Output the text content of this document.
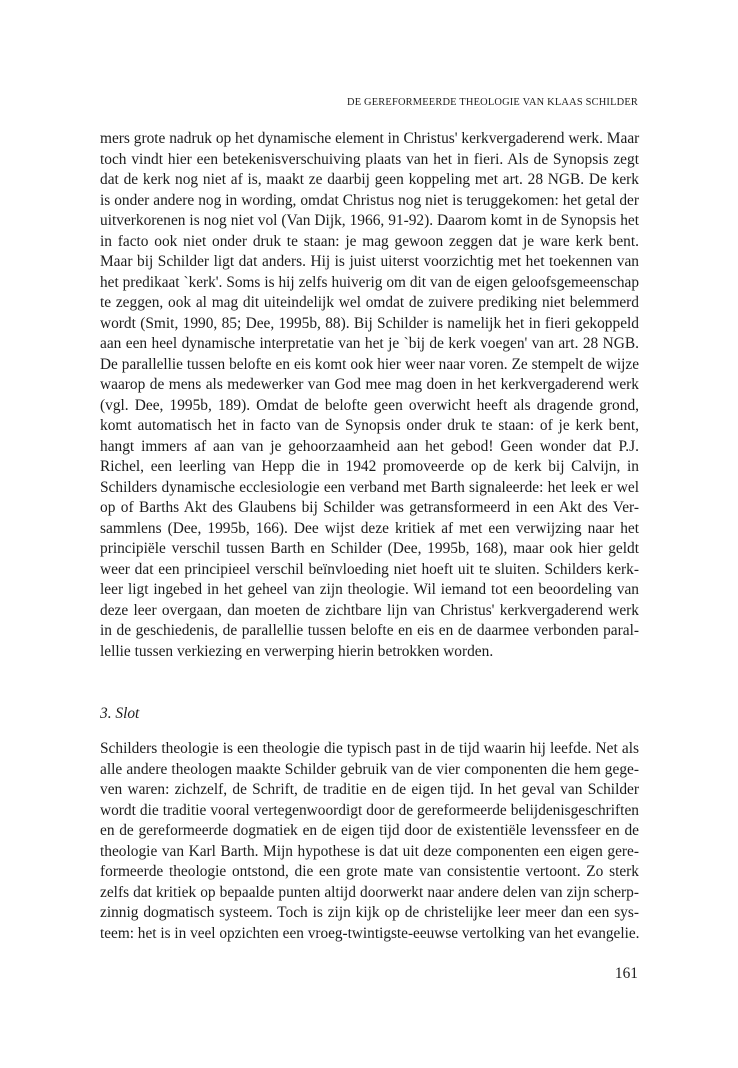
DE GEREFORMEERDE THEOLOGIE VAN KLAAS SCHILDER
mers grote nadruk op het dynamische element in Christus' kerkvergaderend werk. Maar
toch vindt hier een betekenisverschuiving plaats van het in fieri. Als de Synopsis zegt
dat de kerk nog niet af is, maakt ze daarbij geen koppeling met art. 28 NGB. De kerk
is onder andere nog in wording, omdat Christus nog niet is teruggekomen: het getal der
uitverkorenen is nog niet vol (Van Dijk, 1966, 91-92). Daarom komt in de Synopsis het
in facto ook niet onder druk te staan: je mag gewoon zeggen dat je ware kerk bent.
Maar bij Schilder ligt dat anders. Hij is juist uiterst voorzichtig met het toekennen van
het predikaat `kerk'. Soms is hij zelfs huiverig om dit van de eigen geloofsgemeenschap
te zeggen, ook al mag dit uiteindelijk wel omdat de zuivere prediking niet belemmerd
wordt (Smit, 1990, 85; Dee, 1995b, 88). Bij Schilder is namelijk het in fieri gekoppeld
aan een heel dynamische interpretatie van het je `bij de kerk voegen' van art. 28 NGB.
De parallellie tussen belofte en eis komt ook hier weer naar voren. Ze stempelt de wijze
waarop de mens als medewerker van God mee mag doen in het kerkvergaderend werk
(vgl. Dee, 1995b, 189). Omdat de belofte geen overwicht heeft als dragende grond,
komt automatisch het in facto van de Synopsis onder druk te staan: of je kerk bent,
hangt immers af aan van je gehoorzaamheid aan het gebod! Geen wonder dat P.J.
Richel, een leerling van Hepp die in 1942 promoveerde op de kerk bij Calvijn, in
Schilders dynamische ecclesiologie een verband met Barth signaleerde: het leek er wel
op of Barths Akt des Glaubens bij Schilder was getransformeerd in een Akt des Ver-
sammlens (Dee, 1995b, 166). Dee wijst deze kritiek af met een verwijzing naar het
principiële verschil tussen Barth en Schilder (Dee, 1995b, 168), maar ook hier geldt
weer dat een principieel verschil beïnvloeding niet hoeft uit te sluiten. Schilders kerk-
leer ligt ingebed in het geheel van zijn theologie. Wil iemand tot een beoordeling van
deze leer overgaan, dan moeten de zichtbare lijn van Christus' kerkvergaderend werk
in de geschiedenis, de parallellie tussen belofte en eis en de daarmee verbonden paral-
lellie tussen verkiezing en verwerping hierin betrokken worden.
3. Slot
Schilders theologie is een theologie die typisch past in de tijd waarin hij leefde. Net als
alle andere theologen maakte Schilder gebruik van de vier componenten die hem gege-
ven waren: zichzelf, de Schrift, de traditie en de eigen tijd. In het geval van Schilder
wordt die traditie vooral vertegenwoordigt door de gereformeerde belijdenisgeschriften
en de gereformeerde dogmatiek en de eigen tijd door de existentiële levenssfeer en de
theologie van Karl Barth. Mijn hypothese is dat uit deze componenten een eigen gere-
formeerde theologie ontstond, die een grote mate van consistentie vertoont. Zo sterk
zelfs dat kritiek op bepaalde punten altijd doorwerkt naar andere delen van zijn scherp-
zinnig dogmatisch systeem. Toch is zijn kijk op de christelijke leer meer dan een sys-
teem: het is in veel opzichten een vroeg-twintigste-eeuwse vertolking van het evangelie.
161
